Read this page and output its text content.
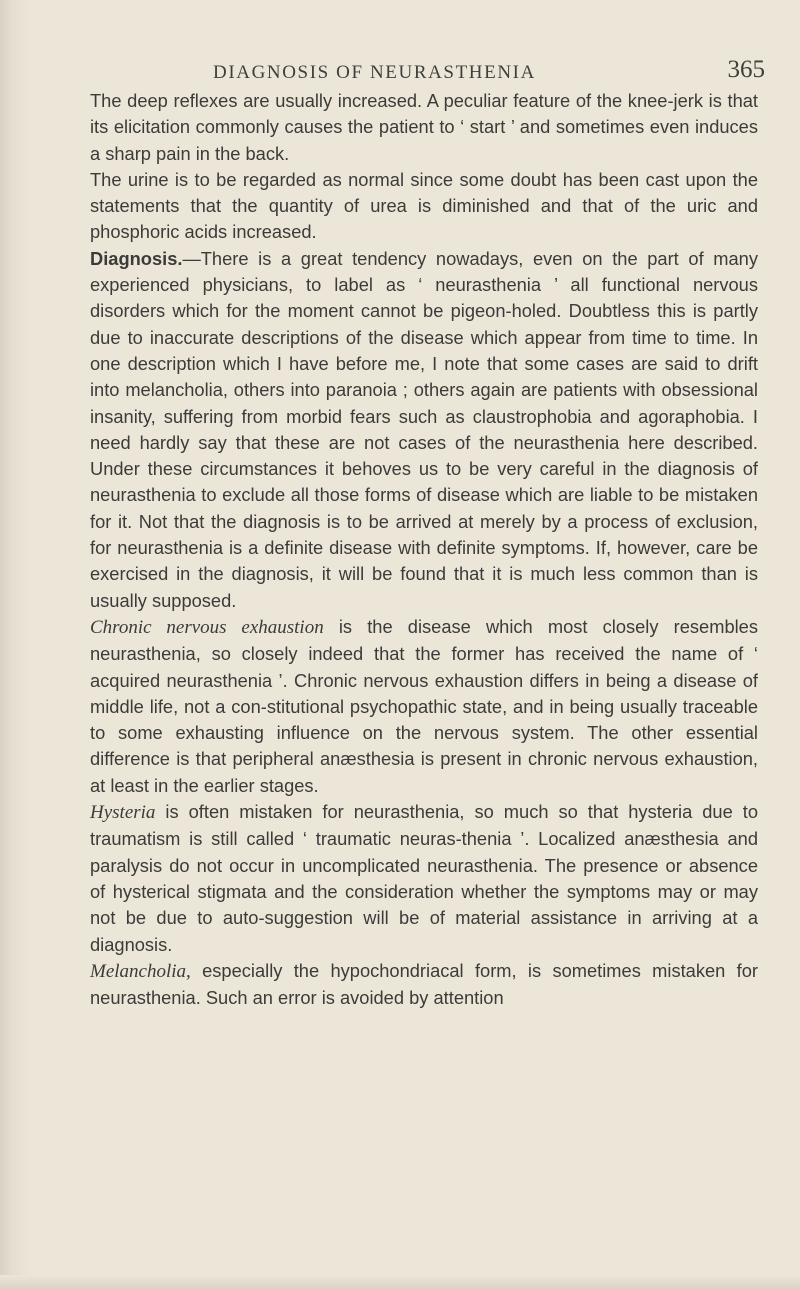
DIAGNOSIS OF NEURASTHENIA	365

The deep reflexes are usually increased. A peculiar feature of the knee-jerk is that its elicitation commonly causes the patient to ‘ start ’ and sometimes even induces a sharp pain in the back.

The urine is to be regarded as normal since some doubt has been cast upon the statements that the quantity of urea is diminished and that of the uric and phosphoric acids increased.

Diagnosis.—There is a great tendency nowadays, even on the part of many experienced physicians, to label as ‘ neurasthenia ’ all functional nervous disorders which for the moment cannot be pigeon-holed. Doubtless this is partly due to inaccurate descriptions of the disease which appear from time to time. In one description which I have before me, I note that some cases are said to drift into melancholia, others into paranoia ; others again are patients with obsessional insanity, suffering from morbid fears such as claustrophobia and agoraphobia. I need hardly say that these are not cases of the neurasthenia here described. Under these circumstances it behoves us to be very careful in the diagnosis of neurasthenia to exclude all those forms of disease which are liable to be mistaken for it. Not that the diagnosis is to be arrived at merely by a process of exclusion, for neurasthenia is a definite disease with definite symptoms. If, however, care be exercised in the diagnosis, it will be found that it is much less common than is usually supposed.

Chronic nervous exhaustion is the disease which most closely resembles neurasthenia, so closely indeed that the former has received the name of ‘ acquired neurasthenia ’. Chronic nervous exhaustion differs in being a disease of middle life, not a con-stitutional psychopathic state, and in being usually traceable to some exhausting influence on the nervous system. The other essential difference is that peripheral anæsthesia is present in chronic nervous exhaustion, at least in the earlier stages.

Hysteria is often mistaken for neurasthenia, so much so that hysteria due to traumatism is still called ‘ traumatic neuras-thenia ’. Localized anæsthesia and paralysis do not occur in uncomplicated neurasthenia. The presence or absence of hysterical stigmata and the consideration whether the symptoms may or may not be due to auto-suggestion will be of material assistance in arriving at a diagnosis.

Melancholia, especially the hypochondriacal form, is sometimes mistaken for neurasthenia. Such an error is avoided by attention
